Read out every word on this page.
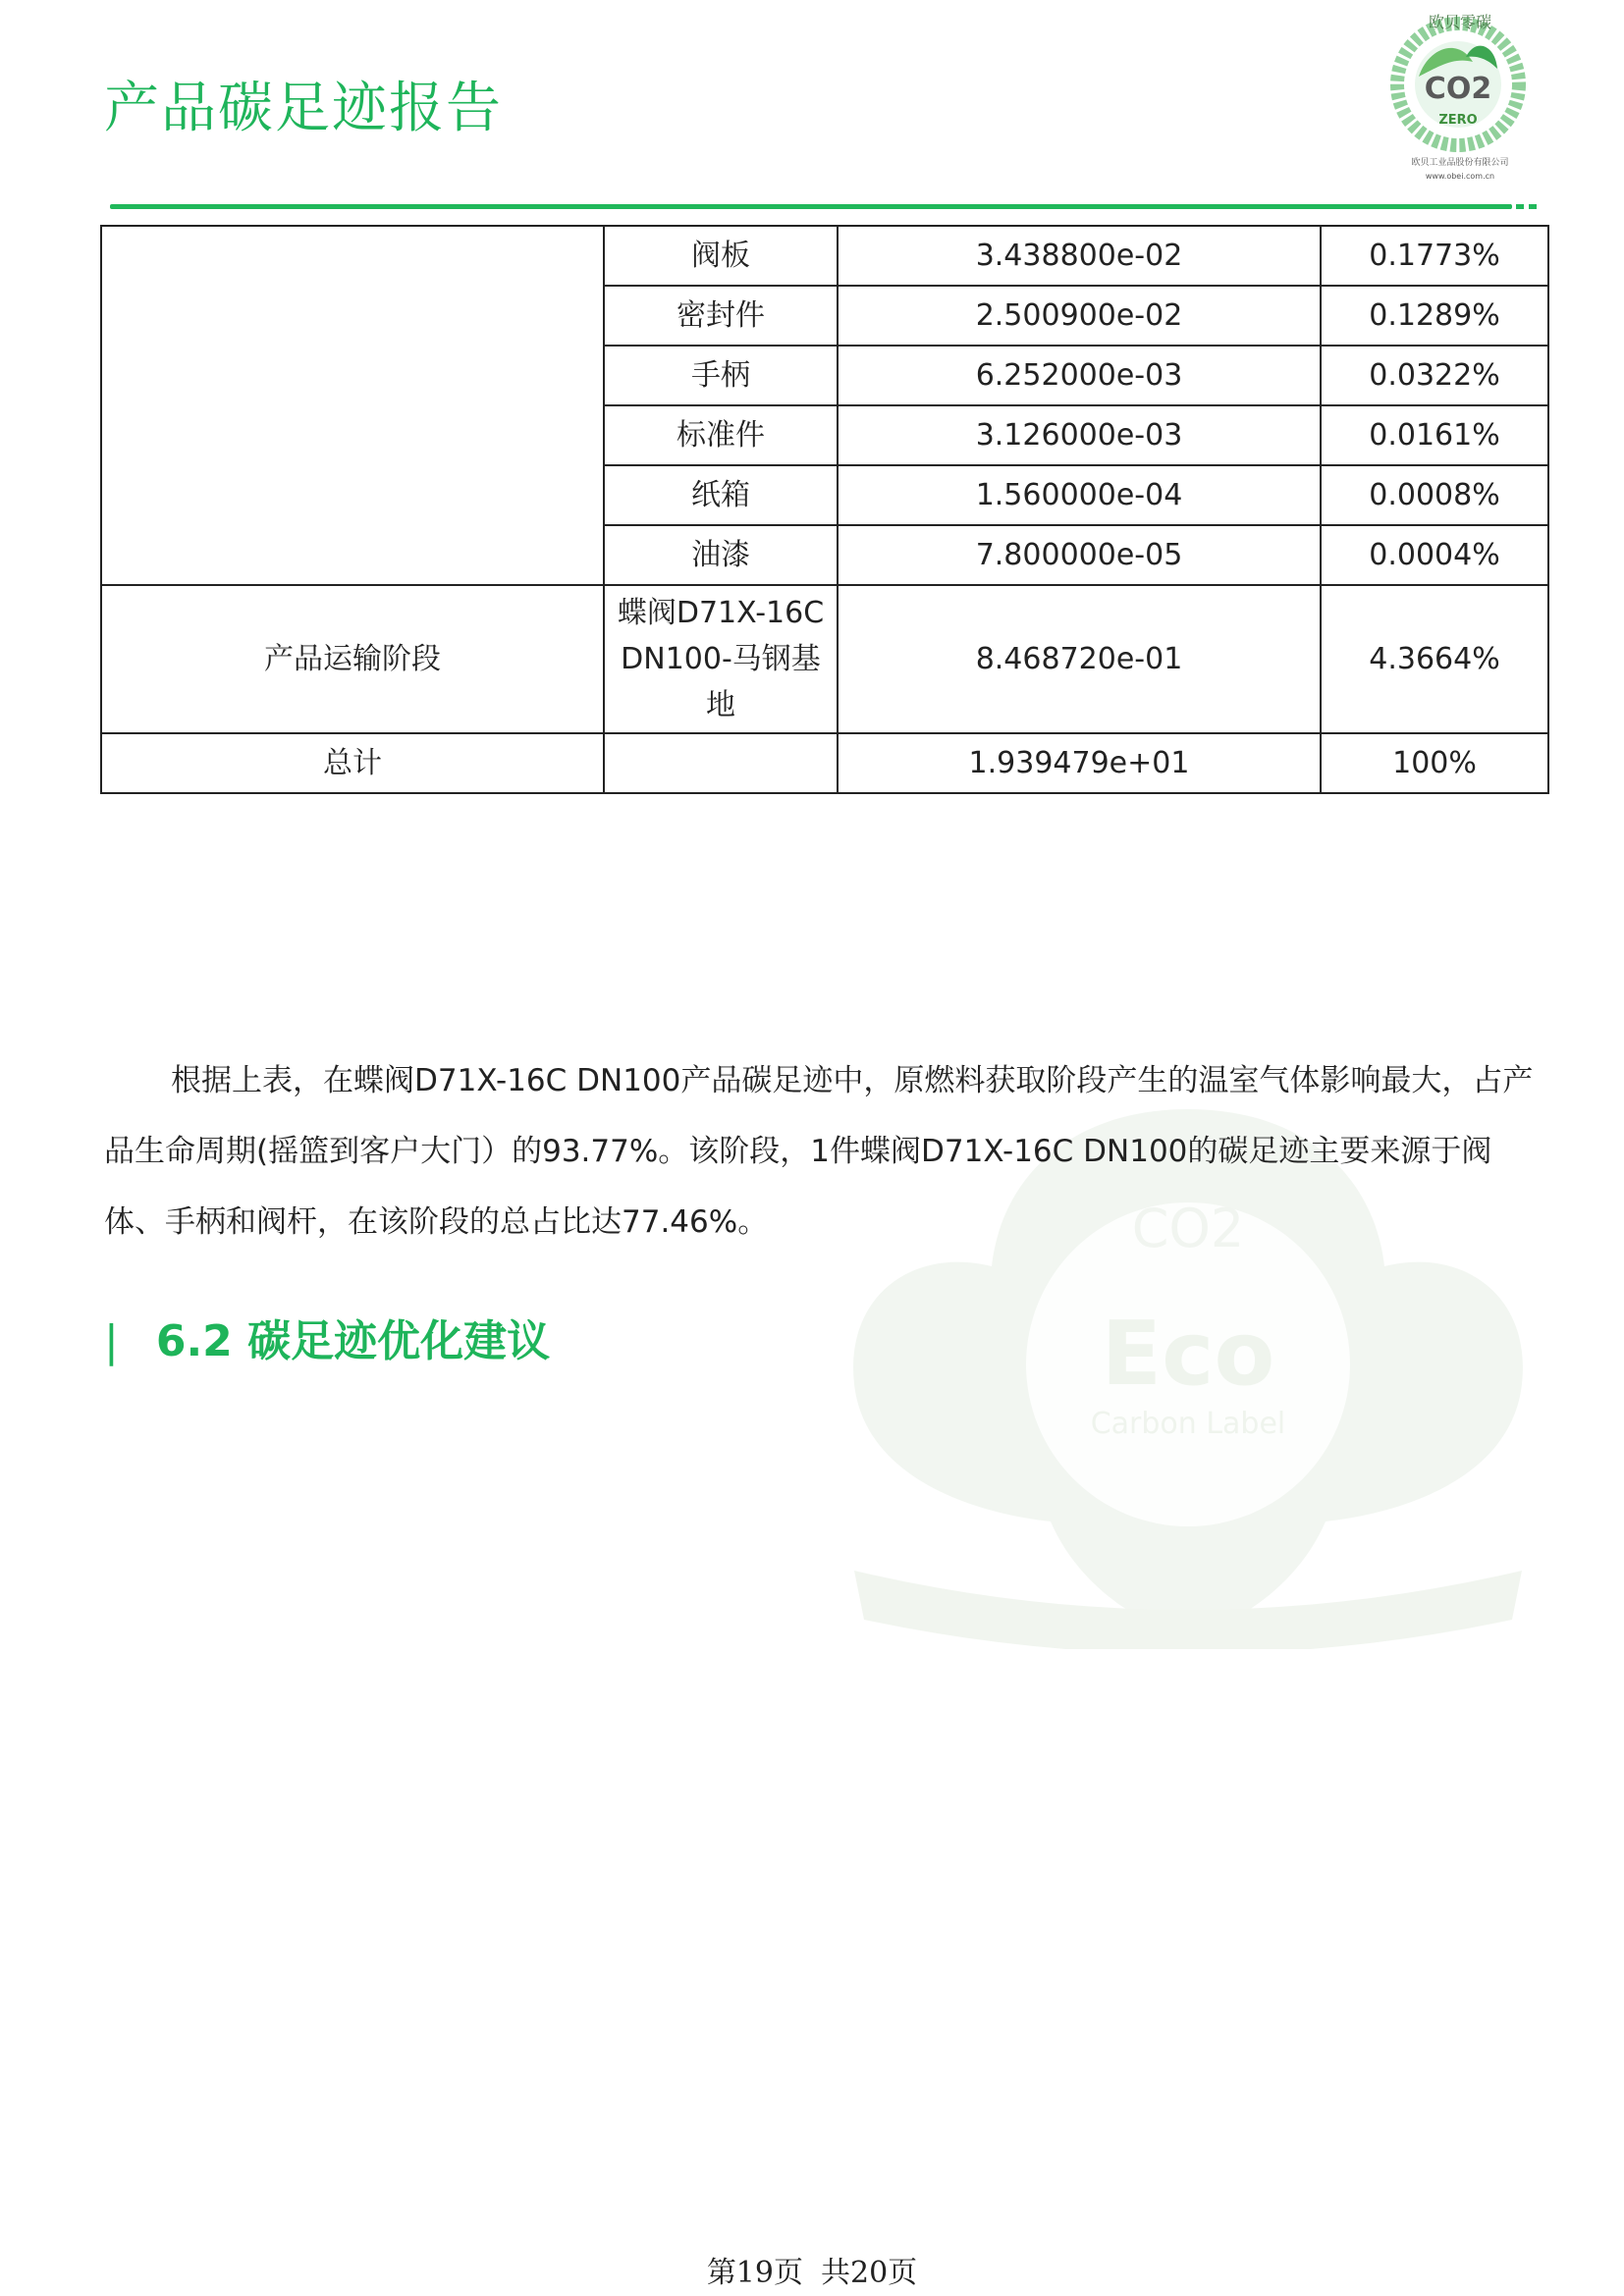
产品碳足迹报告	CO2
ZERO
欧贝零碳
欧贝工业品股份有限公司
www.obei.com.cn
CO2
Eco
Carbon Label
	阀板	3.438800e-02	0.1773%
	密封件	2.500900e-02	0.1289%
	手柄	6.252000e-03	0.0322%
	标准件	3.126000e-03	0.0161%
	纸箱	1.560000e-04	0.0008%
	油漆	7.800000e-05	0.0004%
产品运输阶段	蝶阀D71X-16C DN100-马钢基地	8.468720e-01	4.3664%
总计		1.939479e+01	100%

根据上表，在蝶阀D71X-16C DN100产品碳足迹中，原燃料获取阶段产生的温室气体影响最大，占产品生命周期(摇篮到客户大门）的93.77%。该阶段，1件蝶阀D71X-16C DN100的碳足迹主要来源于阀体、手柄和阀杆，在该阶段的总占比达77.46%。

| 6.2 碳足迹优化建议
第19页 共20页
